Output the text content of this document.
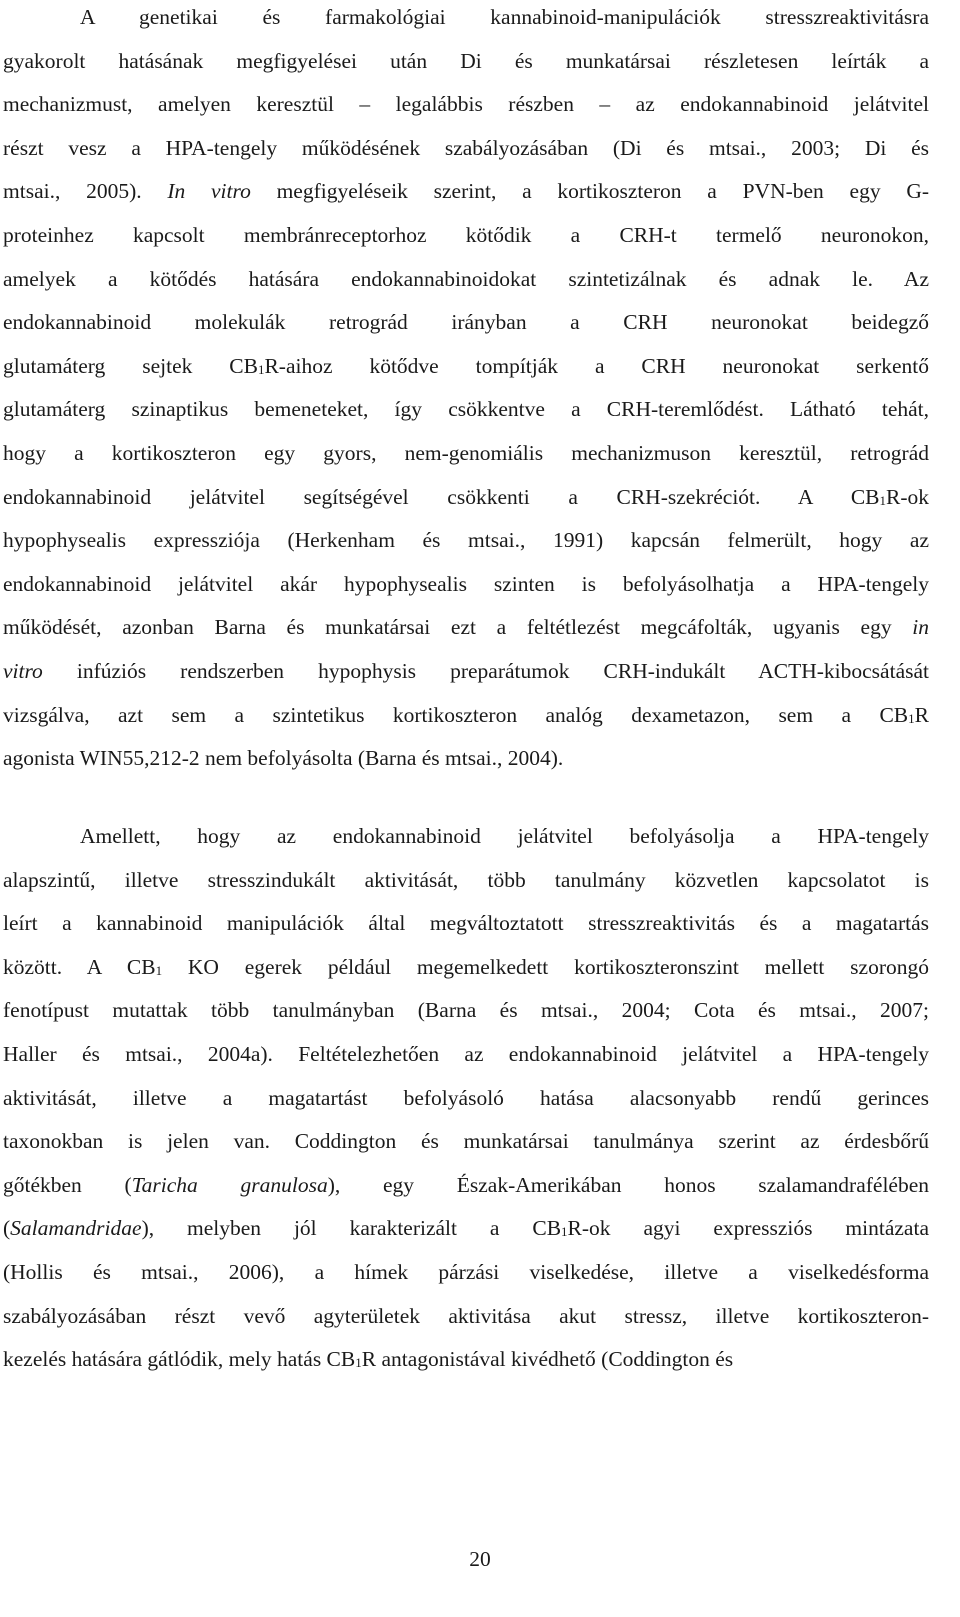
A genetikai és farmakológiai kannabinoid-manipulációk stresszreaktivitásra
gyakorolt hatásának megfigyelései után Di és munkatársai részletesen leírták a
mechanizmust, amelyen keresztül – legalábbis részben – az endokannabinoid jelátvitel
részt vesz a HPA-tengely működésének szabályozásában (Di és mtsai., 2003; Di és
mtsai., 2005). In vitro megfigyeléseik szerint, a kortikoszteron a PVN-ben egy G-
proteinhez kapcsolt membránreceptorhoz kötődik a CRH-t termelő neuronokon,
amelyek a kötődés hatására endokannabinoidokat szintetizálnak és adnak le. Az
endokannabinoid molekulák retrográd irányban a CRH neuronokat beidegző
glutamáterg sejtek CB1R-aihoz kötődve tompítják a CRH neuronokat serkentő
glutamáterg szinaptikus bemeneteket, így csökkentve a CRH-teremlődést. Látható tehát,
hogy a kortikoszteron egy gyors, nem-genomiális mechanizmuson keresztül, retrográd
endokannabinoid jelátvitel segítségével csökkenti a CRH-szekréciót. A CB1R-ok
hypophysealis expressziója (Herkenham és mtsai., 1991) kapcsán felmerült, hogy az
endokannabinoid jelátvitel akár hypophysealis szinten is befolyásolhatja a HPA-tengely
működését, azonban Barna és munkatársai ezt a feltétlezést megcáfolták, ugyanis egy in
vitro infúziós rendszerben hypophysis preparátumok CRH-indukált ACTH-kibocsátását
vizsgálva, azt sem a szintetikus kortikoszteron analóg dexametazon, sem a CB1R
agonista WIN55,212-2 nem befolyásolta (Barna és mtsai., 2004).
Amellett, hogy az endokannabinoid jelátvitel befolyásolja a HPA-tengely
alapszintű, illetve stresszindukált aktivitását, több tanulmány közvetlen kapcsolatot is
leírt a kannabinoid manipulációk által megváltoztatott stresszreaktivitás és a magatartás
között. A CB1 KO egerek például megemelkedett kortikoszteronszint mellett szorongó
fenotípust mutattak több tanulmányban (Barna és mtsai., 2004; Cota és mtsai., 2007;
Haller és mtsai., 2004a). Feltételezhetően az endokannabinoid jelátvitel a HPA-tengely
aktivitását, illetve a magatartást befolyásoló hatása alacsonyabb rendű gerinces
taxonokban is jelen van. Coddington és munkatársai tanulmánya szerint az érdesbőrű
gőtékben (Taricha granulosa), egy Észak-Amerikában honos szalamandrafélében
(Salamandridae), melyben jól karakterizált a CB1R-ok agyi expressziós mintázata
(Hollis és mtsai., 2006), a hímek párzási viselkedése, illetve a viselkedésforma
szabályozásában részt vevő agyterületek aktivitása akut stressz, illetve kortikoszteron-
kezelés hatására gátlódik, mely hatás CB1R antagonistával kivédhető (Coddington és
20
